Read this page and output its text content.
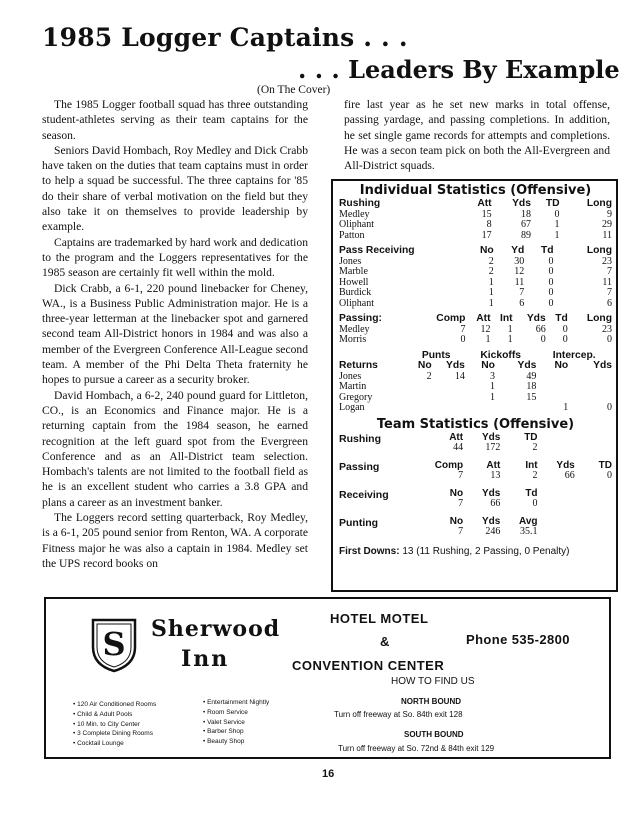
1985 Logger Captains . . .
. . . Leaders By Example
(On The Cover)

The 1985 Logger football squad has three outstanding student-athletes serving as their team captains for the season.

Seniors David Hombach, Roy Medley and Dick Crabb have taken on the duties that team captains must in order to help a squad be successful. The three captains for '85 do their share of verbal motivation on the field but they also take it on themselves to provide leadership by example.

Captains are trademarked by hard work and dedication to the program and the Loggers representatives for the 1985 season are certainly fit well within the mold.

Dick Crabb, a 6-1, 220 pound linebacker for Cheney, WA., is a Business Public Administration major. He is a three-year letterman at the linebacker spot and garnered second team All-District honors in 1984 and was also a member of the Evergreen Conference All-League second team. A member of the Phi Delta Theta fraternity he hopes to pursue a career as a security broker.

David Hombach, a 6-2, 240 pound guard for Littleton, CO., is an Economics and Finance major. He is a returning captain from the 1984 season, he earned recognition at the left guard spot from the Evergreen Conference and as an All-District team selection. Hombach's talents are not limited to the football field as he is an excellent student who carries a 3.8 GPA and plans a career as an investment banker.

The Loggers record setting quarterback, Roy Medley, is a 6-1, 205 pound senior from Renton, WA. A corporate Fitness major he was also a captain in 1984. Medley set the UPS record books on

fire last year as he set new marks in total offense, passing yardage, and passing completions. In addition, he set single game records for attempts and completions. He was a secon team pick on both the All-Evergreen and All-District squads.
Individual Statistics (Offensive)
Rushing	Att	Yds	TD	Long
Medley	15	18	0	9
Oliphant	8	67	1	29
Patton	17	89	1	11
Pass Receiving	No	Yd	Td	Long
Jones	2	30	0	23
Marble	2	12	0	7
Howell	1	11	0	11
Burdick	1	7	0	7
Oliphant	1	6	0	6
Passing:	Comp	Att	Int	Yds	Td	Long
Medley	7	12	1	66	0	23
Morris	0	1	1	0	0	0
	Punts		Kickoffs		Intercep.	
Returns	No	Yds	No	Yds	No	Yds
Jones	2	14	3	49		
Martin			1	18		
Gregory			1	15		
Logan					1	0
Team Statistics (Offensive)
Rushing	Att	Yds	TD		
	44	172	2		

Passing	Comp	Att	Int	Yds	TD
	7	13	2	66	0

Receiving	No	Yds	Td		
	7	66	0		

Punting	No	Yds	Avg		
	7	246	35.1		
First Downs: 13 (11 Rushing, 2 Passing, 0 Penalty)
S Sherwood
Inn
HOTEL MOTEL
&	Phone 535-2800
CONVENTION CENTER
HOW TO FIND US
NORTH BOUND
Turn off freeway at So. 84th exit 128
SOUTH BOUND
Turn off freeway at So. 72nd & 84th exit 129
• 120 Air Conditioned Rooms
• Child & Adult Pools
• 10 Min. to City Center
• 3 Complete Dining Rooms
• Cocktail Lounge
• Entertainment Nightly
• Room Service
• Valet Service
• Barber Shop
• Beauty Shop
16
